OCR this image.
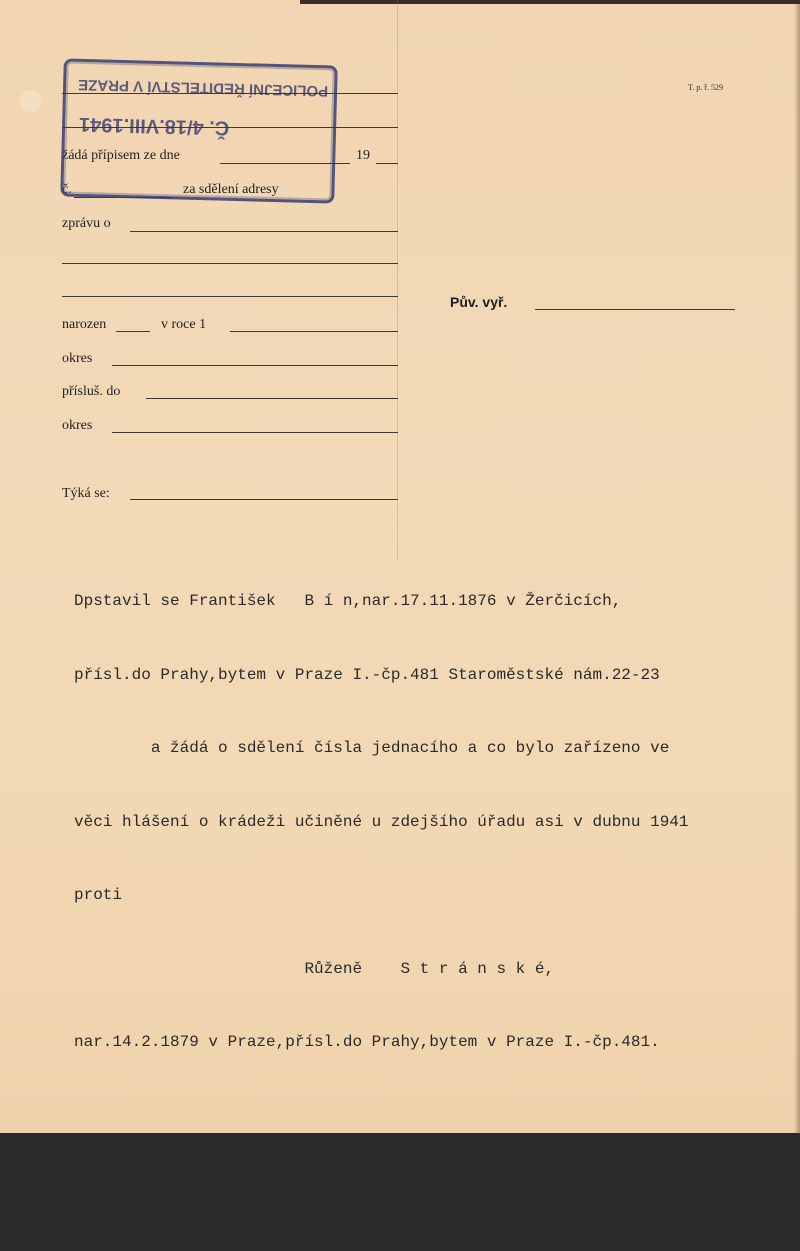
T. p. ř. 529
žádá přípisem ze dne	19
č.	za sdělení adresy
zprávu o
narozen	v roce 1
okres
přísluš. do
okres
Týká se:
Pův. vyř.
POLICEJNÍ ŘEDITELSTVÍ V PRAZE
Č. 4/18.VIII.1941

Dpstavil se František   B í n,nar.17.11.1876 v Žerčicích,

přísl.do Prahy,bytem v Praze I.-čp.481 Staroměstské nám.22-23

a žádá o sdělení čísla jednacího a co bylo zařízeno ve

věci hlášení o krádeži učiněné u zdejšího úřadu asi v dubnu 1941

proti

Růženě    S t r á n s k é,

nar.14.2.1879 v Praze,přísl.do Prahy,bytem v Praze I.-čp.481.

Kom.I.-18.8.1941.
